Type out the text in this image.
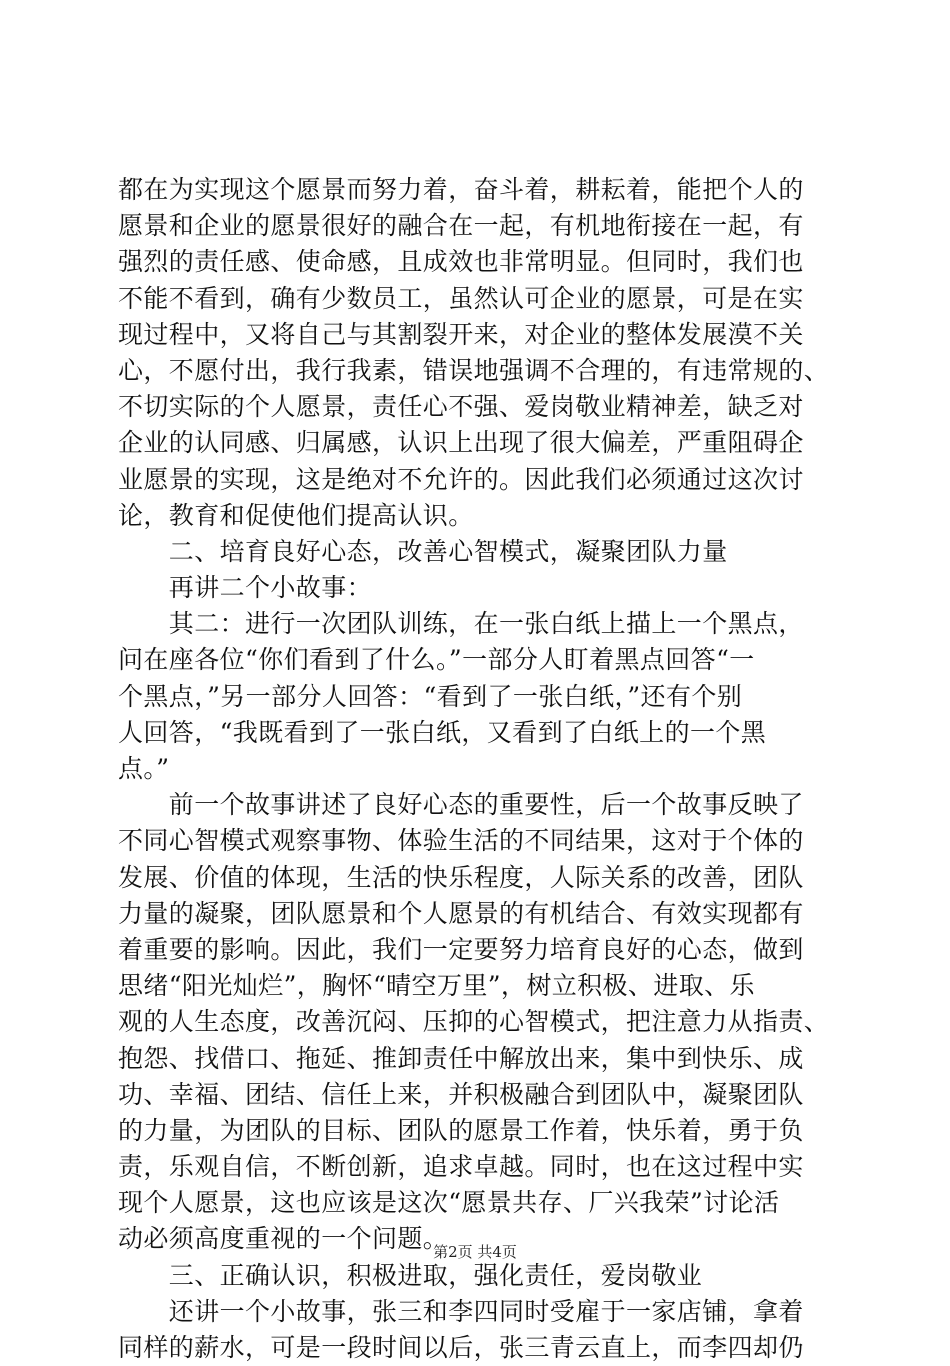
都在为实现这个愿景而努力着，奋斗着，耕耘着，能把个人的
愿景和企业的愿景很好的融合在一起，有机地衔接在一起，有
强烈的责任感、使命感，且成效也非常明显。但同时，我们也
不能不看到，确有少数员工，虽然认可企业的愿景，可是在实
现过程中，又将自己与其割裂开来，对企业的整体发展漠不关
心，不愿付出，我行我素，错误地强调不合理的，有违常规的、
不切实际的个人愿景，责任心不强、爱岗敬业精神差，缺乏对
企业的认同感、归属感，认识上出现了很大偏差，严重阻碍企
业愿景的实现，这是绝对不允许的。因此我们必须通过这次讨
论，教育和促使他们提高认识。
　　二、培育良好心态，改善心智模式，凝聚团队力量
　　再讲二个小故事：
　　其二：进行一次团队训练，在一张白纸上描上一个黑点，
问在座各位“你们看到了什么。”一部分人盯着黑点回答“一
个黑点，”另一部分人回答：“看到了一张白纸，”还有个别
人回答，“我既看到了一张白纸，又看到了白纸上的一个黑
点。”
　　前一个故事讲述了良好心态的重要性，后一个故事反映了
不同心智模式观察事物、体验生活的不同结果，这对于个体的
发展、价值的体现，生活的快乐程度，人际关系的改善，团队
力量的凝聚，团队愿景和个人愿景的有机结合、有效实现都有
着重要的影响。因此，我们一定要努力培育良好的心态，做到
思绪“阳光灿烂”，胸怀“晴空万里”，树立积极、进取、乐
观的人生态度，改善沉闷、压抑的心智模式，把注意力从指责、
抱怨、找借口、拖延、推卸责任中解放出来，集中到快乐、成
功、幸福、团结、信任上来，并积极融合到团队中，凝聚团队
的力量，为团队的目标、团队的愿景工作着，快乐着，勇于负
责，乐观自信，不断创新，追求卓越。同时，也在这过程中实
现个人愿景，这也应该是这次“愿景共存、厂兴我荣”讨论活
动必须高度重视的一个问题。
　　三、正确认识，积极进取，强化责任，爱岗敬业
　　还讲一个小故事，张三和李四同时受雇于一家店铺，拿着
同样的薪水，可是一段时间以后，张三青云直上，而李四却仍
第2页 共4页
